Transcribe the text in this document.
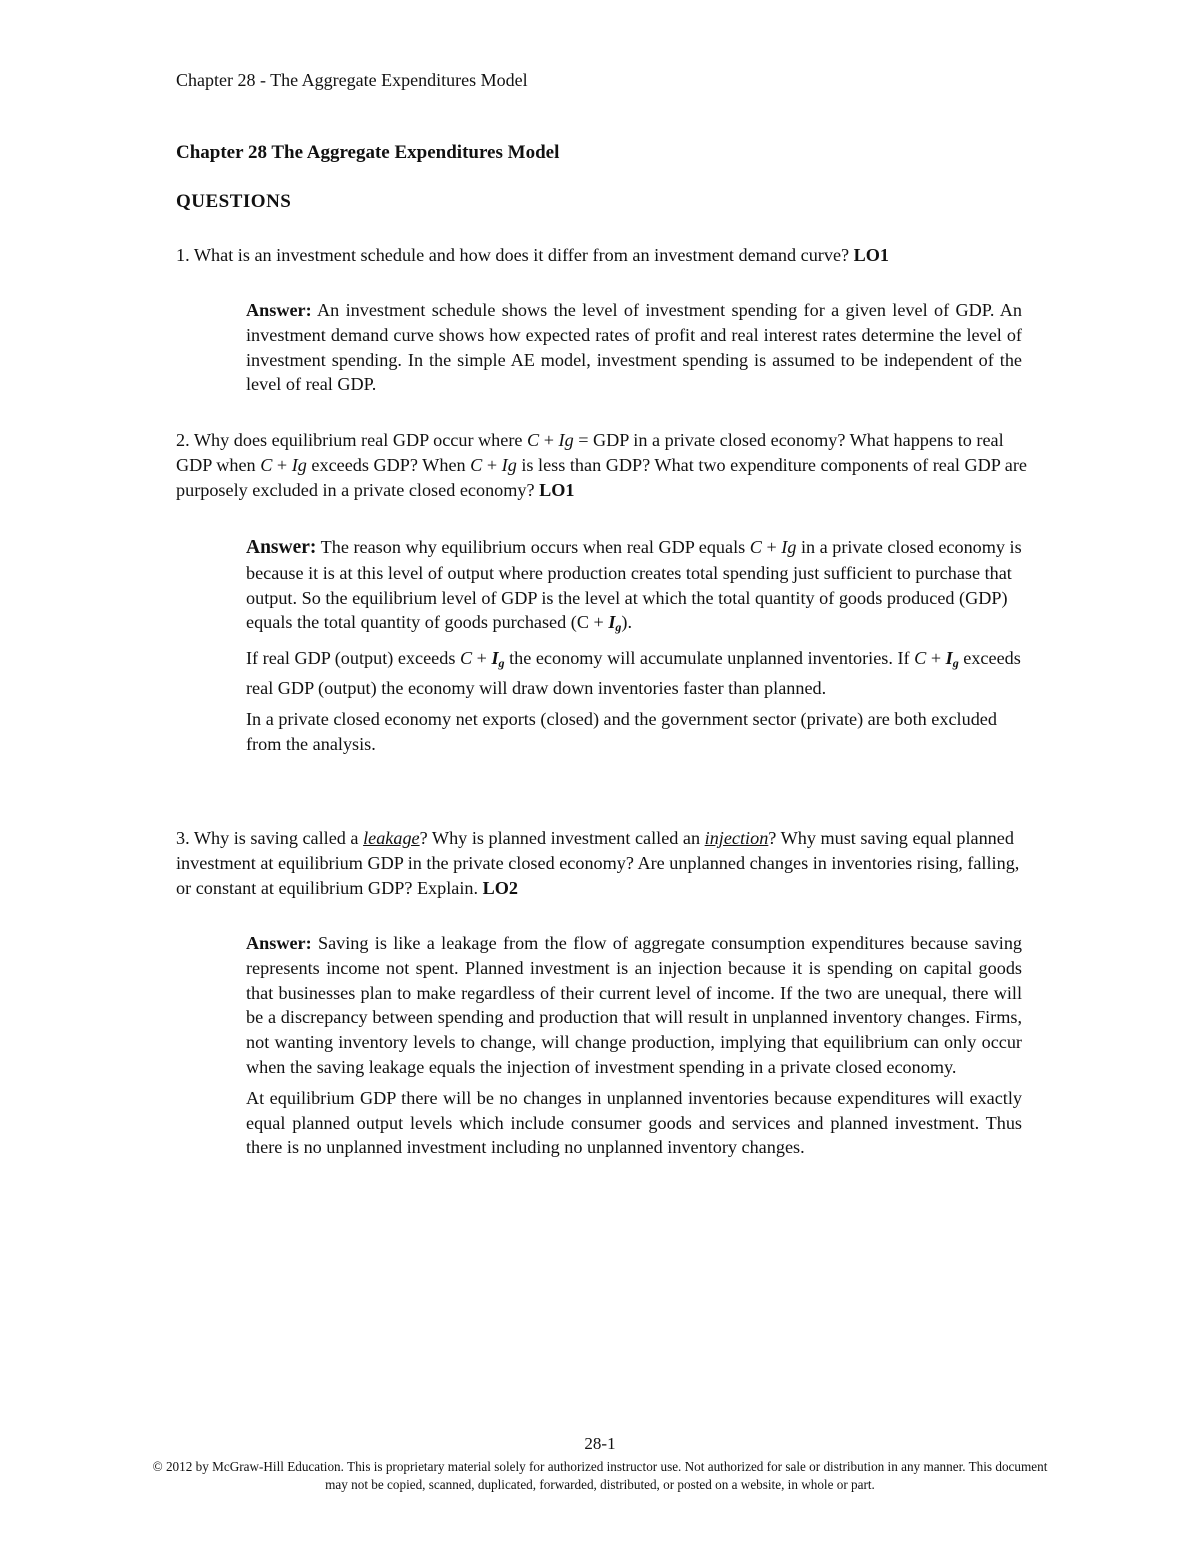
Chapter 28 - The Aggregate Expenditures Model
Chapter 28 The Aggregate Expenditures Model
QUESTIONS
1. What is an investment schedule and how does it differ from an investment demand curve? LO1

Answer: An investment schedule shows the level of investment spending for a given level of GDP. An investment demand curve shows how expected rates of profit and real interest rates determine the level of investment spending. In the simple AE model, investment spending is assumed to be independent of the level of real GDP.

2. Why does equilibrium real GDP occur where C + Ig = GDP in a private closed economy? What happens to real GDP when C + Ig exceeds GDP? When C + Ig is less than GDP? What two expenditure components of real GDP are purposely excluded in a private closed economy? LO1

Answer: The reason why equilibrium occurs when real GDP equals C + Ig in a private closed economy is because it is at this level of output where production creates total spending just sufficient to purchase that output. So the equilibrium level of GDP is the level at which the total quantity of goods produced (GDP) equals the total quantity of goods purchased $(C + I_g)$.

If real GDP (output) exceeds $C + I_g$ the economy will accumulate unplanned inventories. If $C + I_g$ exceeds real GDP (output) the economy will draw down inventories faster than planned.

In a private closed economy net exports (closed) and the government sector (private) are both excluded from the analysis.

3. Why is saving called a leakage? Why is planned investment called an injection? Why must saving equal planned investment at equilibrium GDP in the private closed economy? Are unplanned changes in inventories rising, falling, or constant at equilibrium GDP? Explain. LO2

Answer: Saving is like a leakage from the flow of aggregate consumption expenditures because saving represents income not spent. Planned investment is an injection because it is spending on capital goods that businesses plan to make regardless of their current level of income. If the two are unequal, there will be a discrepancy between spending and production that will result in unplanned inventory changes. Firms, not wanting inventory levels to change, will change production, implying that equilibrium can only occur when the saving leakage equals the injection of investment spending in a private closed economy.

At equilibrium GDP there will be no changes in unplanned inventories because expenditures will exactly equal planned output levels which include consumer goods and services and planned investment. Thus there is no unplanned investment including no unplanned inventory changes.

28-1
© 2012 by McGraw-Hill Education. This is proprietary material solely for authorized instructor use. Not authorized for sale or distribution in any manner. This document may not be copied, scanned, duplicated, forwarded, distributed, or posted on a website, in whole or part.
